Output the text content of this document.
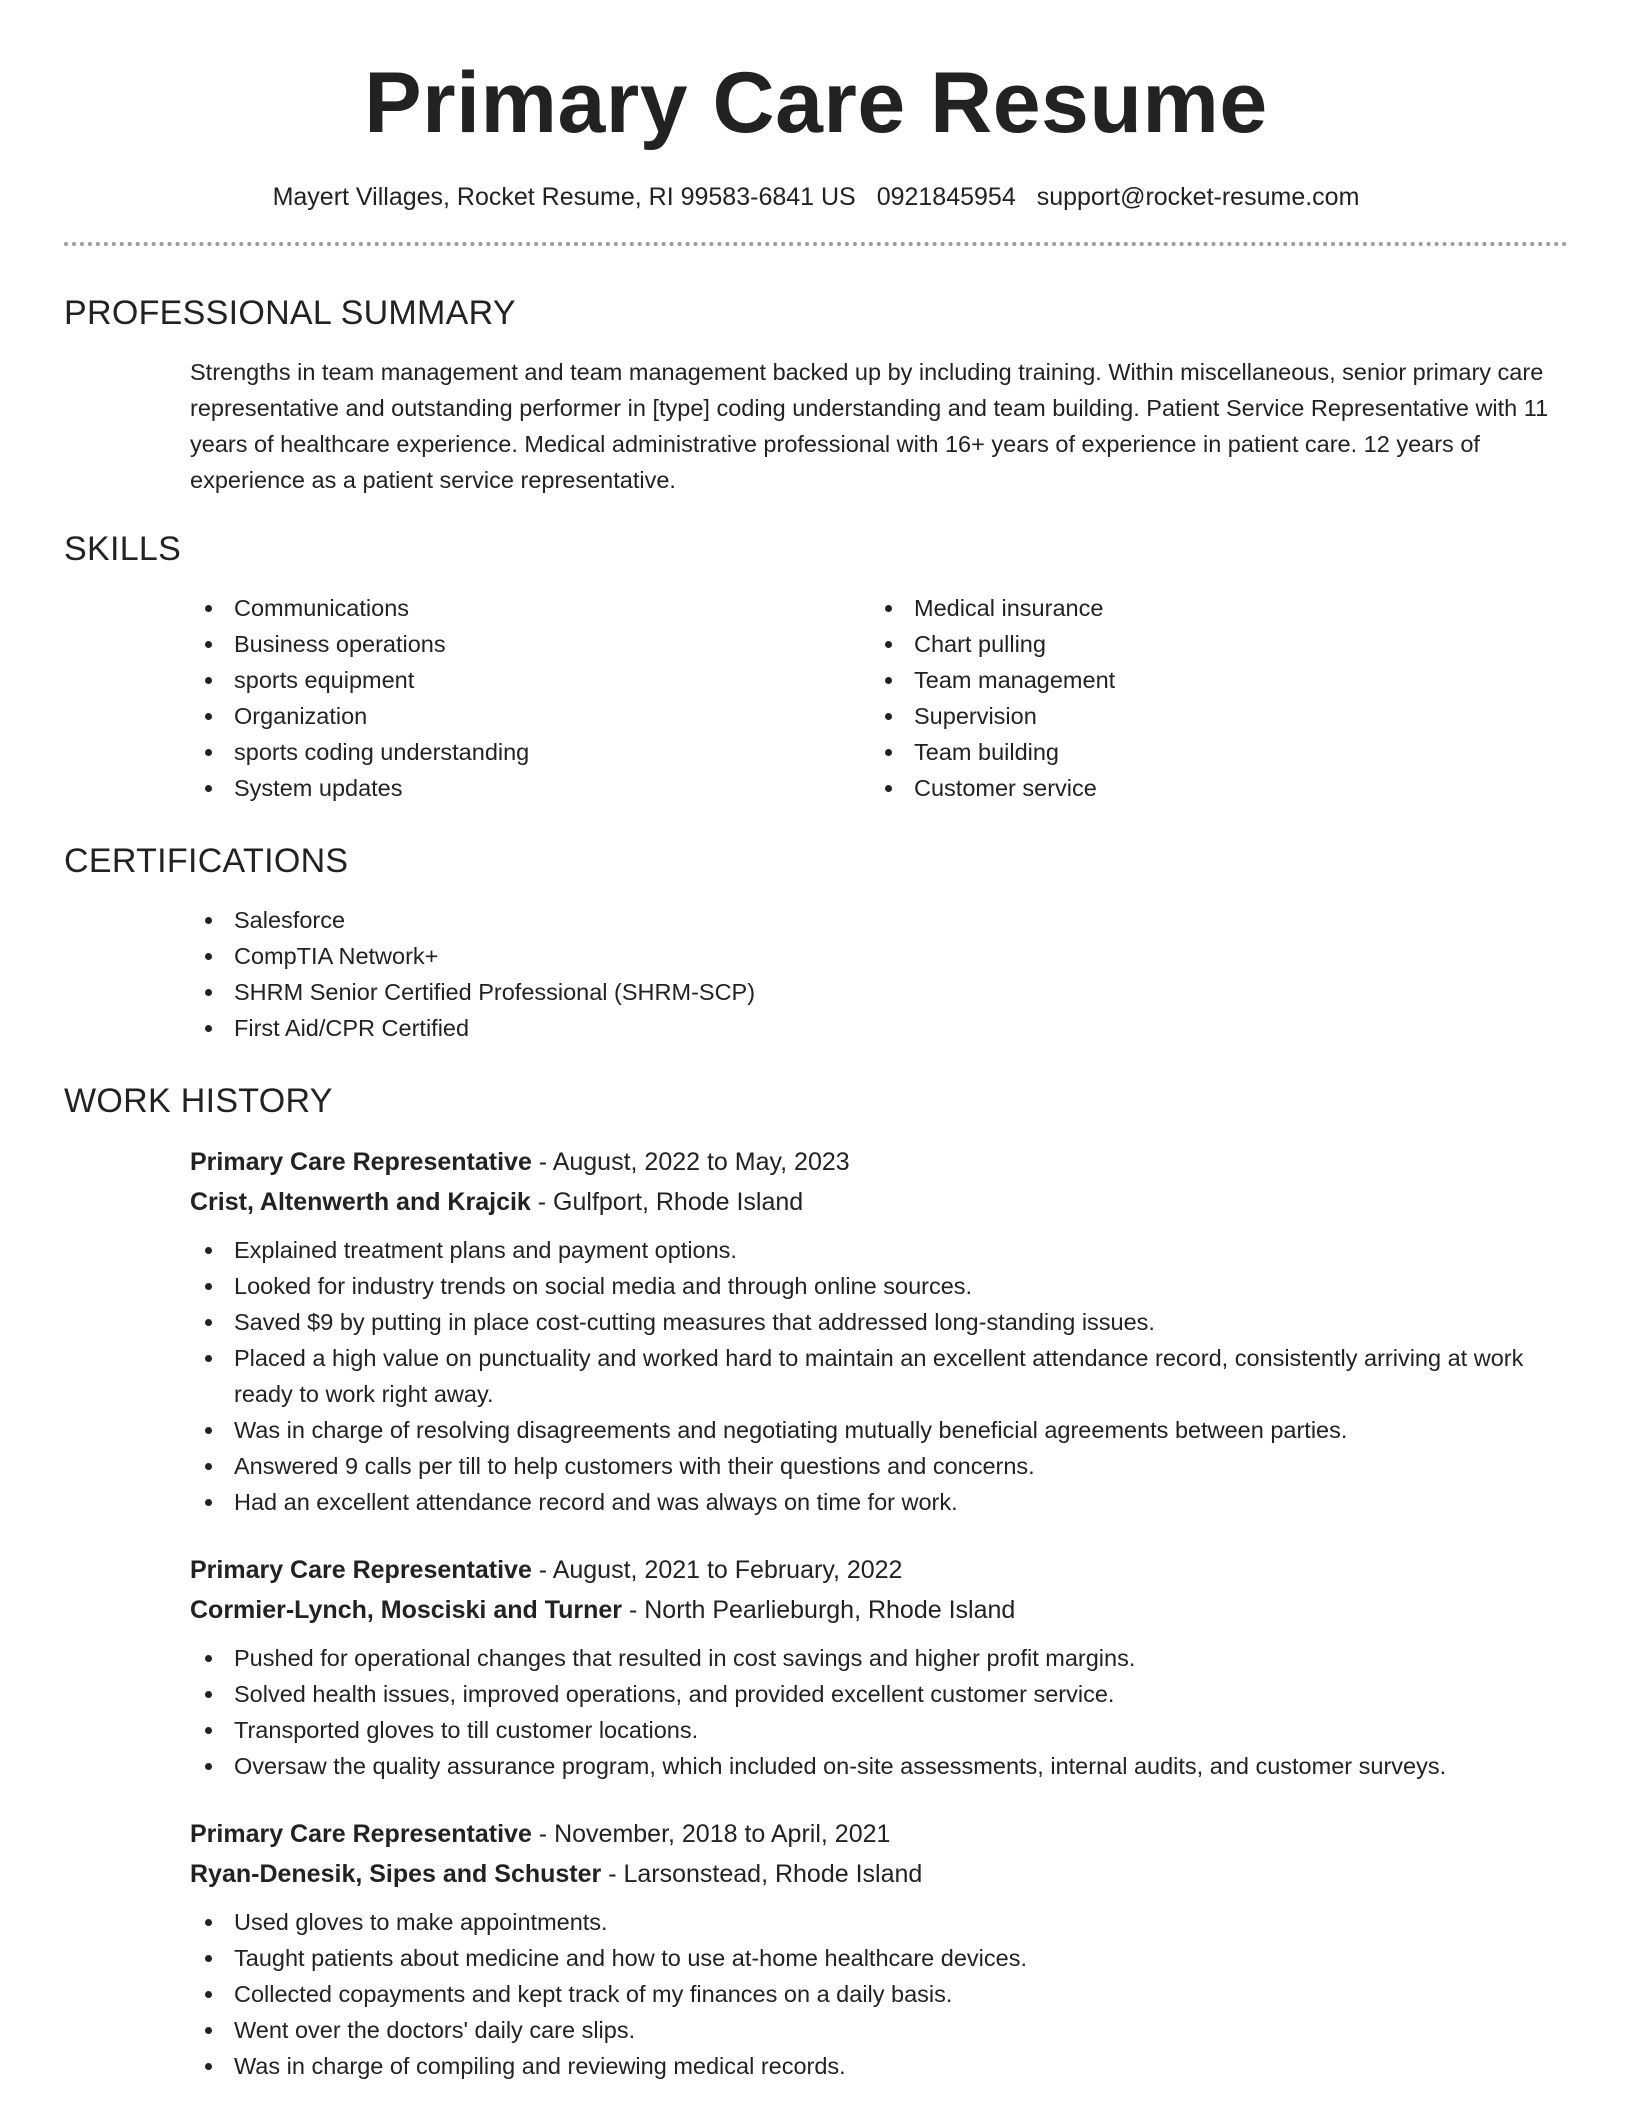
Primary Care Resume
Mayert Villages, Rocket Resume, RI 99583-6841 US 0921845954 support@rocket-resume.com
PROFESSIONAL SUMMARY

Strengths in team management and team management backed up by including training. Within miscellaneous, senior primary care representative and outstanding performer in [type] coding understanding and team building. Patient Service Representative with 11 years of healthcare experience. Medical administrative professional with 16+ years of experience in patient care. 12 years of experience as a patient service representative.

SKILLS
Communications
Business operations
sports equipment
Organization
sports coding understanding
System updates
Medical insurance
Chart pulling
Team management
Supervision
Team building
Customer service
CERTIFICATIONS
Salesforce
CompTIA Network+
SHRM Senior Certified Professional (SHRM-SCP)
First Aid/CPR Certified
WORK HISTORY
Primary Care Representative - August, 2022 to May, 2023
Crist, Altenwerth and Krajcik - Gulfport, Rhode Island
Explained treatment plans and payment options.
Looked for industry trends on social media and through online sources.
Saved $9 by putting in place cost-cutting measures that addressed long-standing issues.
Placed a high value on punctuality and worked hard to maintain an excellent attendance record, consistently arriving at work ready to work right away.
Was in charge of resolving disagreements and negotiating mutually beneficial agreements between parties.
Answered 9 calls per till to help customers with their questions and concerns.
Had an excellent attendance record and was always on time for work.
Primary Care Representative - August, 2021 to February, 2022
Cormier-Lynch, Mosciski and Turner - North Pearlieburgh, Rhode Island
Pushed for operational changes that resulted in cost savings and higher profit margins.
Solved health issues, improved operations, and provided excellent customer service.
Transported gloves to till customer locations.
Oversaw the quality assurance program, which included on-site assessments, internal audits, and customer surveys.
Primary Care Representative - November, 2018 to April, 2021
Ryan-Denesik, Sipes and Schuster - Larsonstead, Rhode Island
Used gloves to make appointments.
Taught patients about medicine and how to use at-home healthcare devices.
Collected copayments and kept track of my finances on a daily basis.
Went over the doctors' daily care slips.
Was in charge of compiling and reviewing medical records.
